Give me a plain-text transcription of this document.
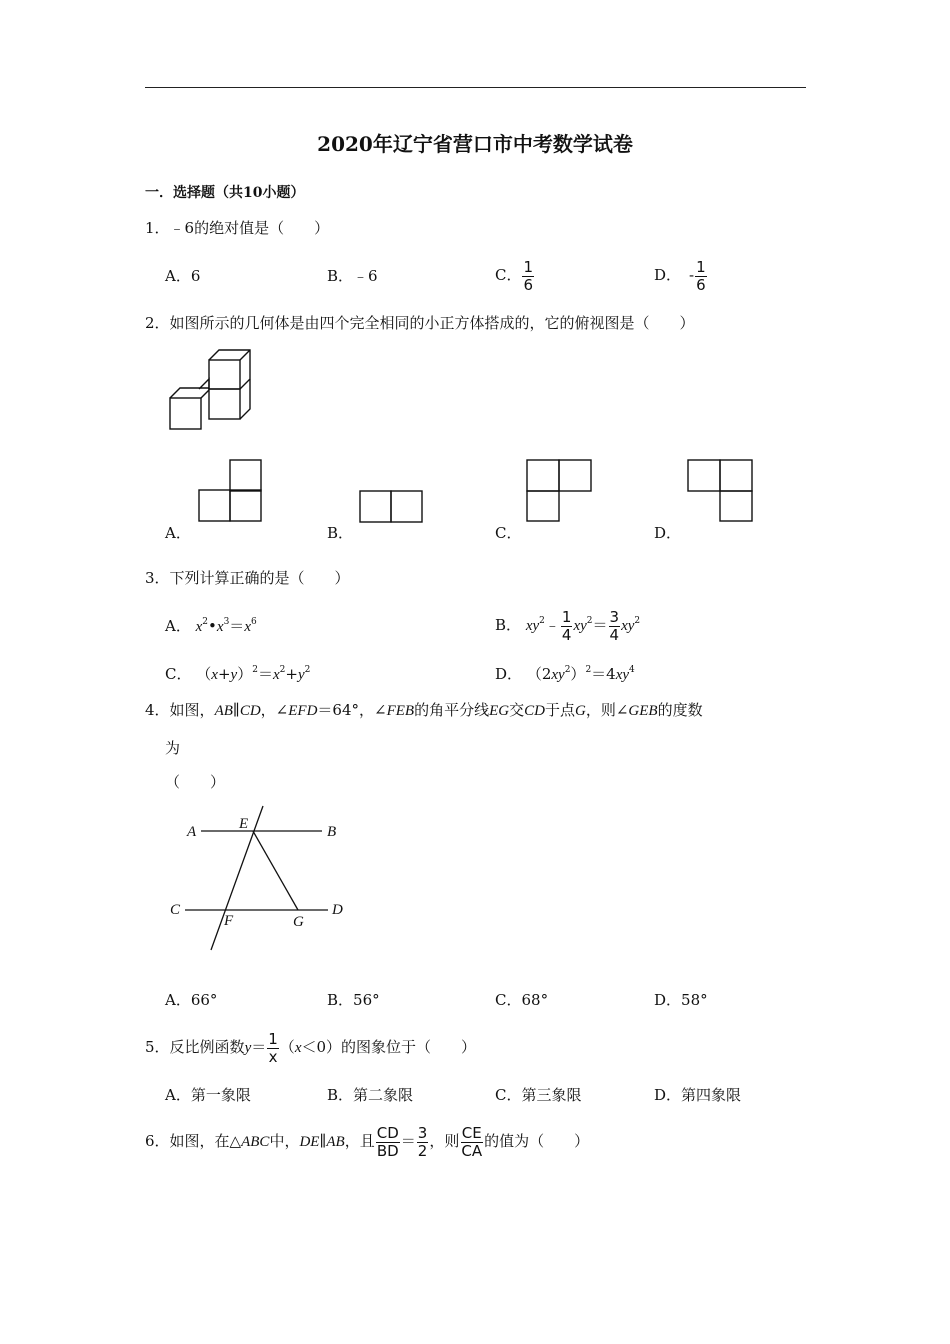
2020年辽宁省营口市中考数学试卷
一．选择题（共10小题）
1．﹣6的绝对值是（　　）
A．6	B．﹣6	C． $\frac{1}{6}$	D． - $\frac{1}{6}$
2．如图所示的几何体是由四个完全相同的小正方体搭成的，它的俯视图是（　　）
A．	B．	C．	D．
3．下列计算正确的是（　　）
A． $x^2•x^3=x^6$	B． $xy^2﹣ \frac{1}{4} xy^2= \frac{3}{4} xy^2$
C． $(x+y)^2=x^2+y^2$	D． $(2xy^2)^2=4xy^4$
4．如图，AB∥CD，∠EFD＝64°，∠FEB的角平分线EG交CD于点G，则∠GEB的度数
为
（　　）
A	E	B
C
F	G
D
A．66°	B．56°	C．68°	D．58°
5．反比例函数$y= \frac{1}{x} (x<0)$的图象位于（　　）
A．第一象限	B．第二象限	C．第三象限	D．第四象限
6．如图，在△ABC中，DE∥AB，且 $\frac{CD}{BD} = \frac{3}{2}$ ，则 $\frac{CE}{CA}$ 的值为（　　）
